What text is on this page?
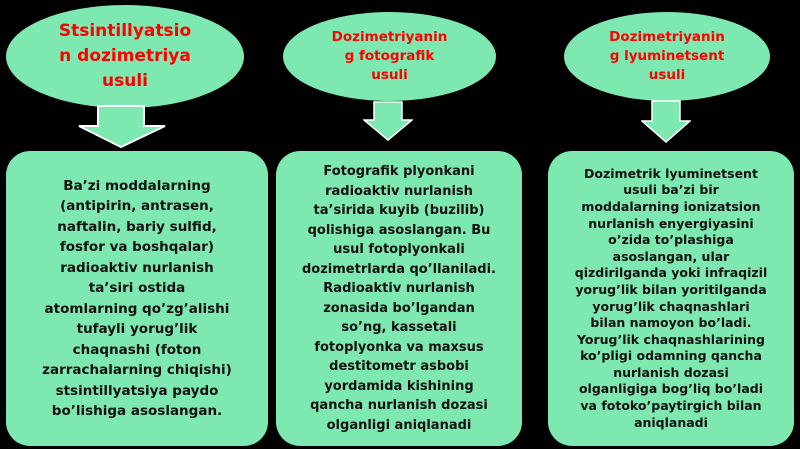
Stsintillyatsio
n dozimetriya
usuli
Ba’zi moddalarning
(antipirin, antrasen,
naftalin, bariy sulfid,
fosfor va boshqalar)
radioaktiv nurlanish
ta’siri ostida
atomlarning qo’zg’alishi
tufayli yorug’lik
chaqnashi (foton
zarrachalarning chiqishi)
stsintillyatsiya paydo
bo’lishiga asoslangan.
Dozimetriyanin
g fotografik
usuli
Fotografik plyonkani
radioaktiv nurlanish
ta’sirida kuyib (buzilib)
qolishiga asoslangan. Bu
usul fotoplyonkali
dozimetrlarda qo’llaniladi.
Radioaktiv nurlanish
zonasida bo’lgandan
so’ng, kassetali
fotoplyonka va maxsus
destitometr asbobi
yordamida kishining
qancha nurlanish dozasi
olganligi aniqlanadi
Dozimetriyanin
g lyuminetsent
usuli
Dozimetrik lyuminetsent
usuli ba’zi bir
moddalarning ionizatsion
nurlanish enyergiyasini
o’zida to’plashiga
asoslangan, ular
qizdirilganda yoki infraqizil
yorug’lik bilan yoritilganda
yorug’lik chaqnashlari
bilan namoyon bo’ladi.
Yorug’lik chaqnashlarining
ko’pligi odamning qancha
nurlanish dozasi
olganligiga bog’liq bo’ladi
va fotoko’paytirgich bilan
aniqlanadi
